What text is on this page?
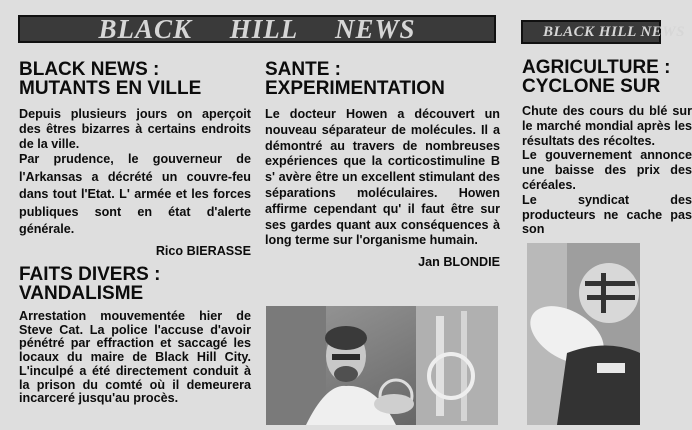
BLACK HILL NEWS	BLACK HILL NEWS
BLACK NEWS :
MUTANTS EN VILLE

Depuis plusieurs jours on aperçoit des êtres bizarres à certains endroits de la ville.

Par prudence, le gouverneur de l'Arkansas a décrété un couvre-feu dans tout l'Etat. L' armée et les forces publiques sont en état d'alerte générale.

Rico BIERASSE

FAITS DIVERS :
VANDALISME

Arrestation mouvementée hier de Steve Cat. La police l'accuse d'avoir pénétré par effraction et saccagé les locaux du maire de Black Hill City. L'inculpé a été directement conduit à la prison du comté où il demeurera incarceré jusqu'au procès.

SANTE :
EXPERIMENTATION

Le docteur Howen a découvert un nouveau séparateur de molécules. Il a démontré au travers de nombreuses expériences que la corticostimuline B s' avère être un excellent stimulant des séparations moléculaires. Howen affirme cependant qu' il faut être sur ses gardes quant aux conséquences à long terme sur l'organisme humain.

Jan BLONDIE

AGRICULTURE :
CYCLONE SUR

Chute des cours du blé sur le marché mondial après les résultats des récoltes.

Le gouvernement annonce une baisse des prix des céréales.

Le syndicat des producteurs ne cache pas son
